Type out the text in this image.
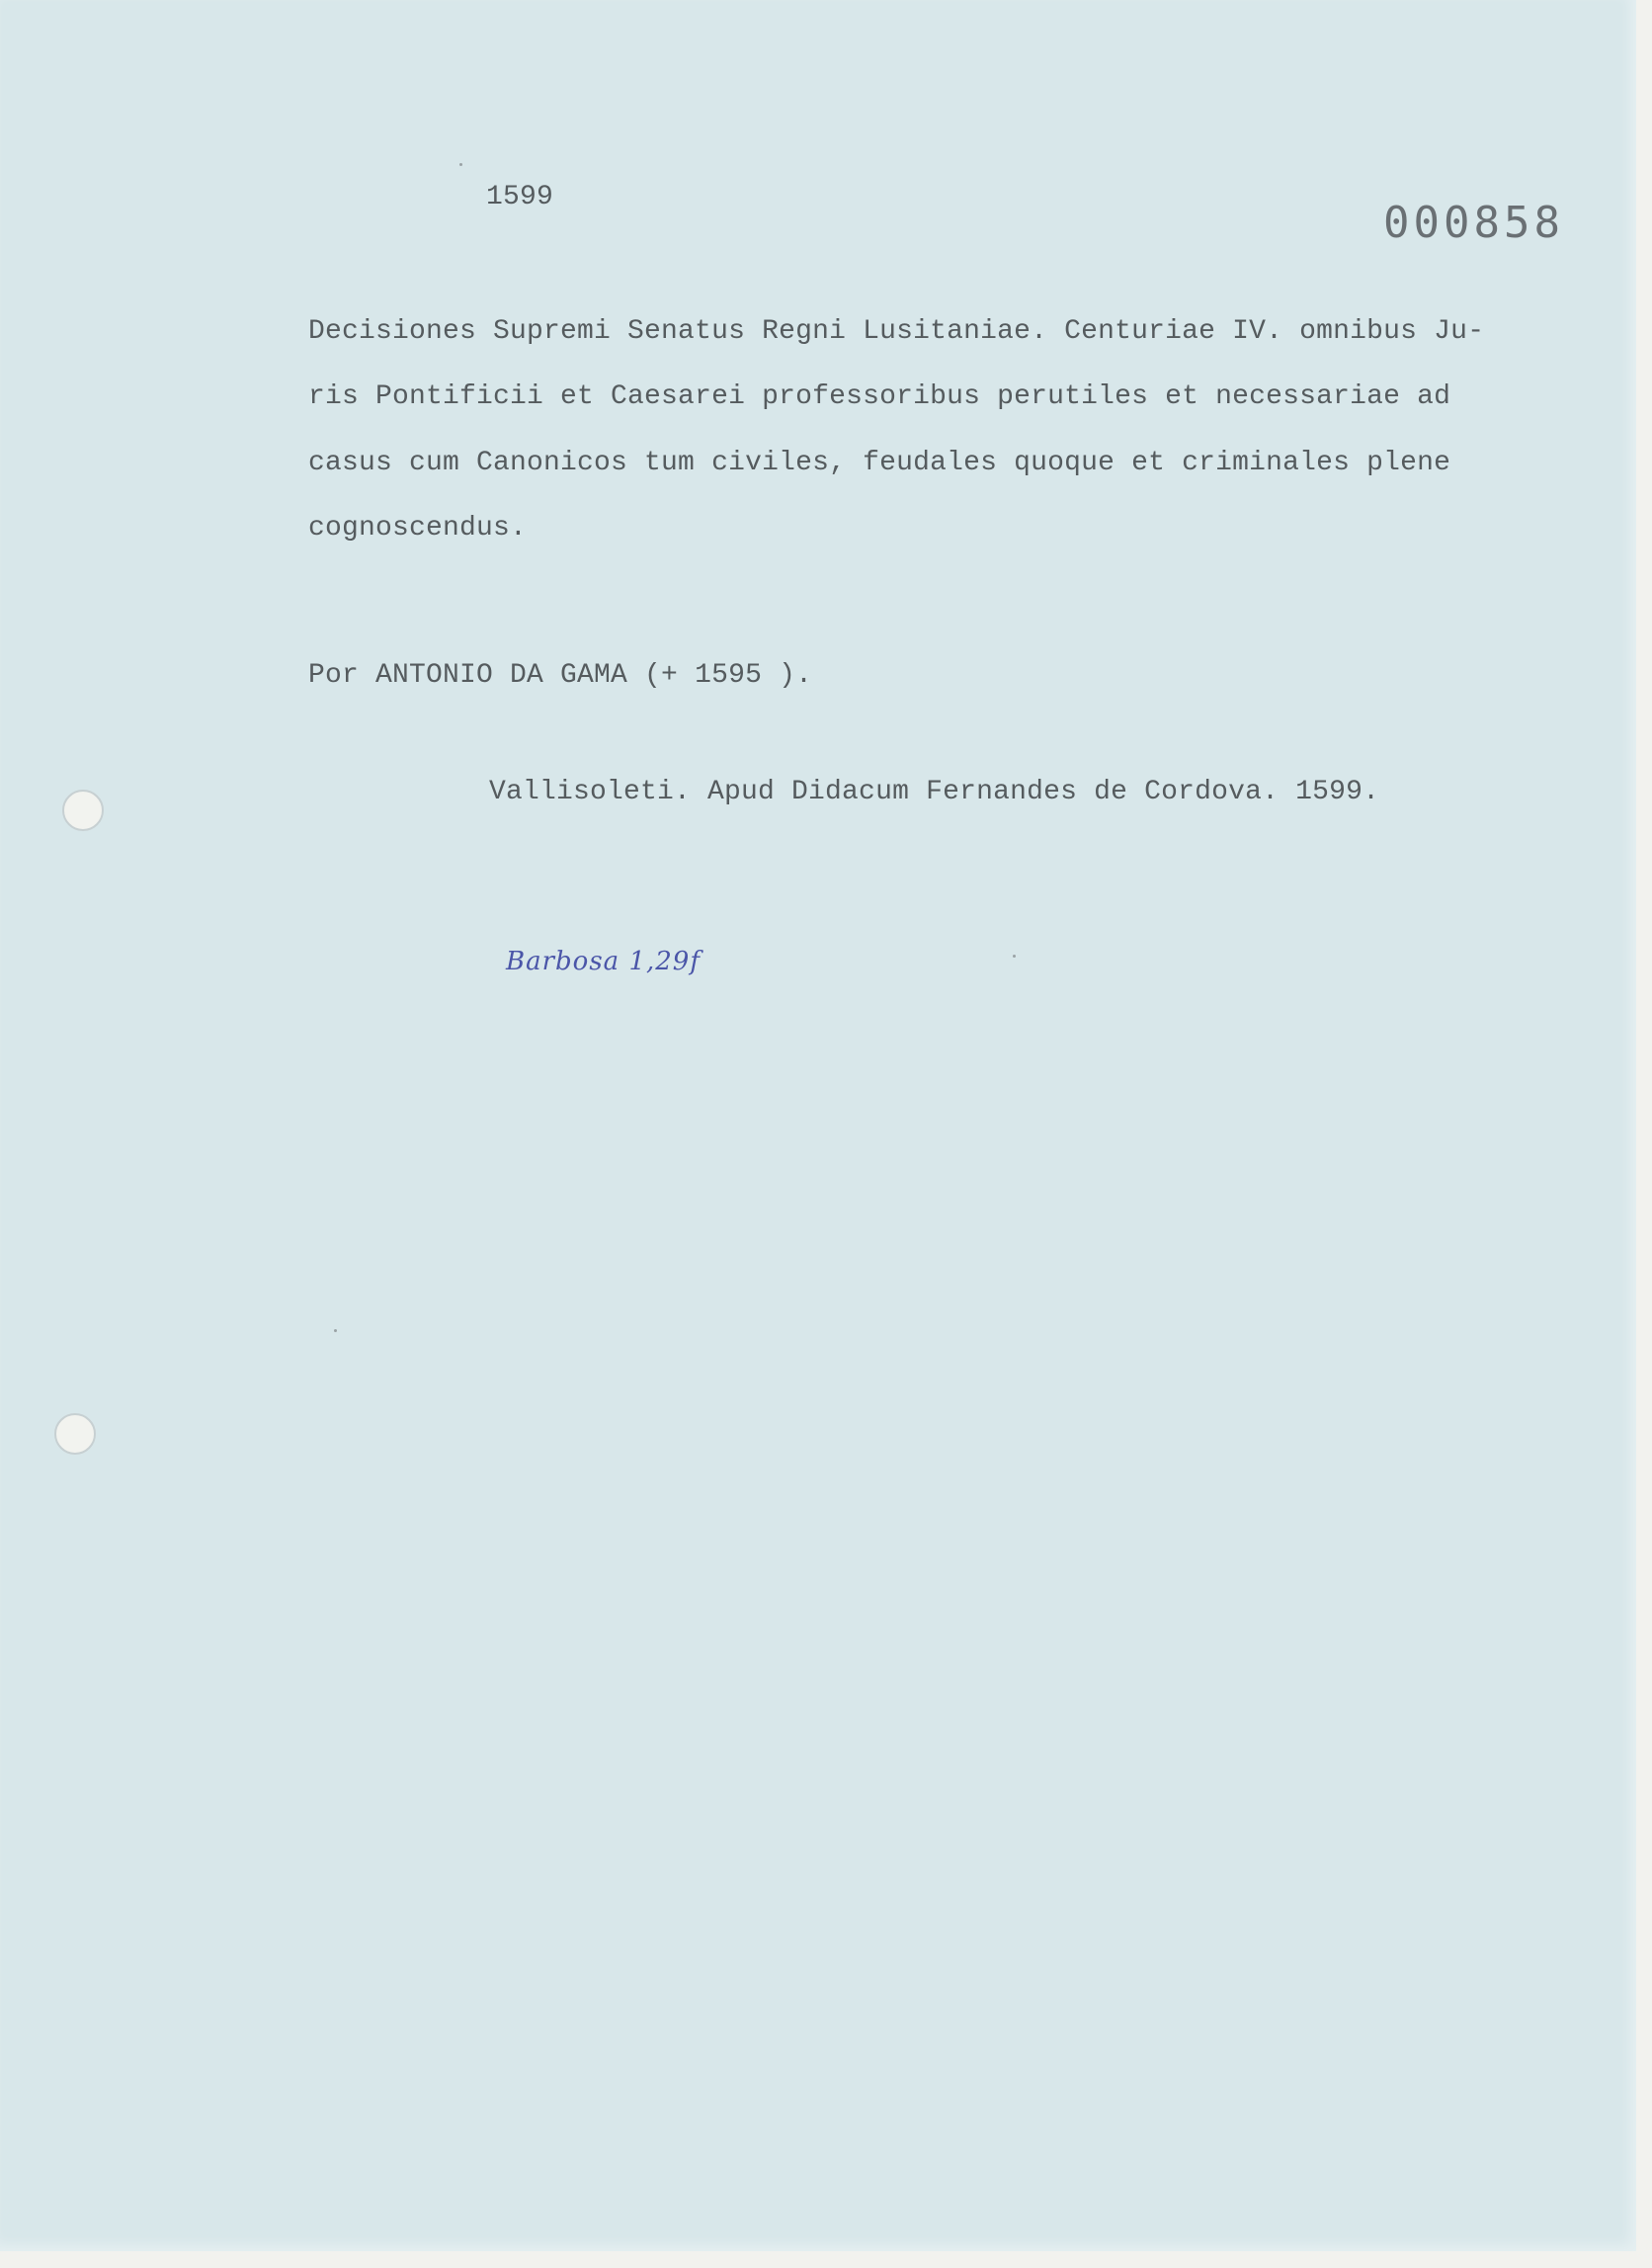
1599

000858

Decisiones Supremi Senatus Regni Lusitaniae. Centuriae IV. omnibus Ju-

ris Pontificii et Caesarei professoribus perutiles et necessariae ad

casus cum Canonicos tum civiles, feudales quoque et criminales plene

cognoscendus.

Por ANTONIO DA GAMA (+ 1595 ).

Vallisoleti. Apud Didacum Fernandes de Cordova. 1599.

Barbosa 1,29f
